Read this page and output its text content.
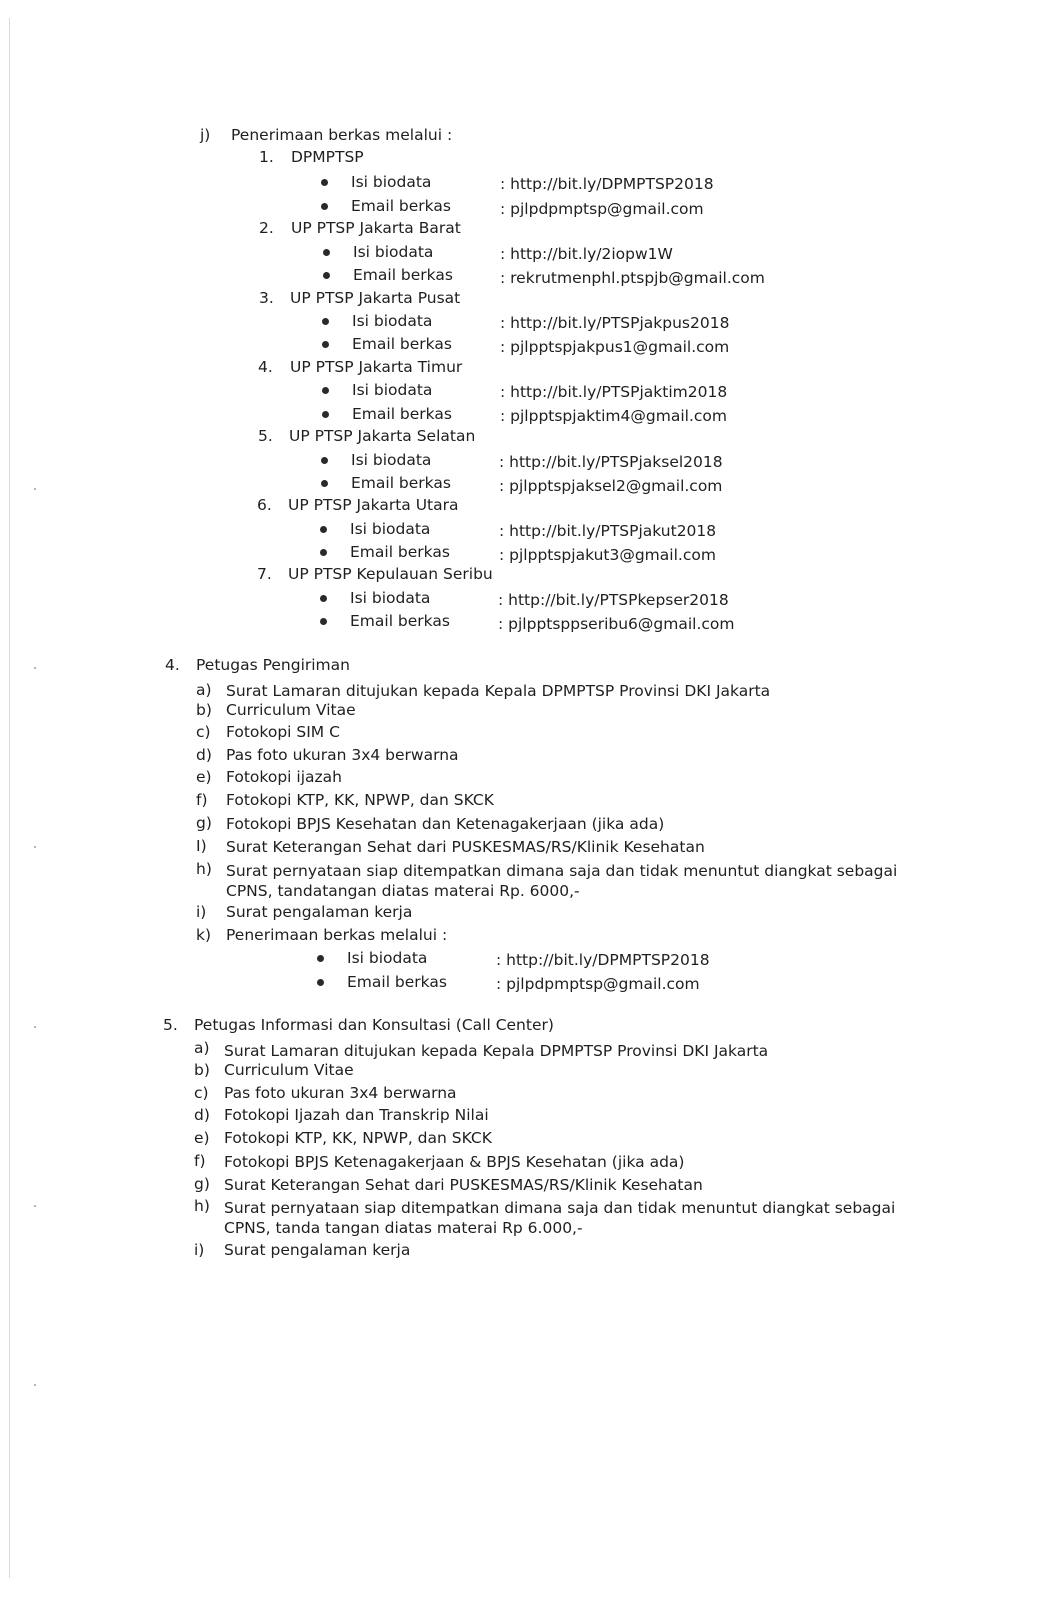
j) Penerimaan berkas melalui :
1. DPMPTSP
Isi biodata	: http://bit.ly/DPMPTSP2018
Email berkas	: pjlpdpmptsp@gmail.com
2. UP PTSP Jakarta Barat
Isi biodata	: http://bit.ly/2iopw1W
Email berkas	: rekrutmenphl.ptspjb@gmail.com
3. UP PTSP Jakarta Pusat
Isi biodata	: http://bit.ly/PTSPjakpus2018
Email berkas	: pjlpptspjakpus1@gmail.com
4. UP PTSP Jakarta Timur
Isi biodata	: http://bit.ly/PTSPjaktim2018
Email berkas	: pjlpptspjaktim4@gmail.com
5. UP PTSP Jakarta Selatan
Isi biodata	: http://bit.ly/PTSPjaksel2018
Email berkas	: pjlpptspjaksel2@gmail.com
6. UP PTSP Jakarta Utara
Isi biodata	: http://bit.ly/PTSPjakut2018
Email berkas	: pjlpptspjakut3@gmail.com
7. UP PTSP Kepulauan Seribu
Isi biodata	: http://bit.ly/PTSPkepser2018
Email berkas	: pjlpptsppseribu6@gmail.com
4. Petugas Pengiriman
a) Surat Lamaran ditujukan kepada Kepala DPMPTSP Provinsi DKI Jakarta
b) Curriculum Vitae
c) Fotokopi SIM C
d) Pas foto ukuran 3x4 berwarna
e) Fotokopi ijazah
f) Fotokopi KTP, KK, NPWP, dan SKCK
g) Fotokopi BPJS Kesehatan dan Ketenagakerjaan (jika ada)
I) Surat Keterangan Sehat dari PUSKESMAS/RS/Klinik Kesehatan
h) Surat pernyataan siap ditempatkan dimana saja dan tidak menuntut diangkat sebagai
CPNS, tandatangan diatas materai Rp. 6000,-
i) Surat pengalaman kerja
k) Penerimaan berkas melalui :
Isi biodata	: http://bit.ly/DPMPTSP2018
Email berkas	: pjlpdpmptsp@gmail.com
5. Petugas Informasi dan Konsultasi (Call Center)
a) Surat Lamaran ditujukan kepada Kepala DPMPTSP Provinsi DKI Jakarta
b) Curriculum Vitae
c) Pas foto ukuran 3x4 berwarna
d) Fotokopi Ijazah dan Transkrip Nilai
e) Fotokopi KTP, KK, NPWP, dan SKCK
f) Fotokopi BPJS Ketenagakerjaan & BPJS Kesehatan (jika ada)
g) Surat Keterangan Sehat dari PUSKESMAS/RS/Klinik Kesehatan
h) Surat pernyataan siap ditempatkan dimana saja dan tidak menuntut diangkat sebagai
CPNS, tanda tangan diatas materai Rp 6.000,-
i) Surat pengalaman kerja
